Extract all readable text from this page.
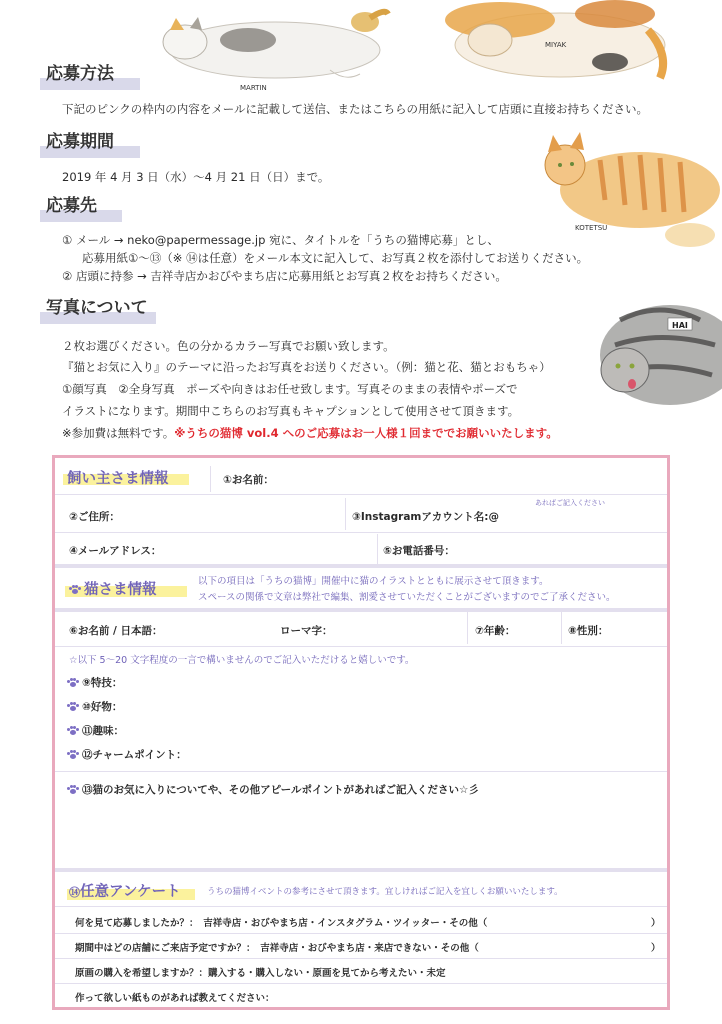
MARTIN
MIYAK
KOTETSU
HAI
応募方法
下記のピンクの枠内の内容をメールに記載して送信、またはこちらの用紙に記入して店頭に直接お持ちください。
応募期間
2019 年 4 月 3 日（水）〜4 月 21 日（日）まで。
応募先
① メール → neko@papermessage.jp 宛に、タイトルを「うちの猫博応募」とし、
応募用紙①〜⑬（※ ⑭は任意）をメール本文に記入して、お写真２枚を添付してお送りください。
② 店頭に持参 → 吉祥寺店かおびやまち店に応募用紙とお写真２枚をお持ちください。
写真について
２枚お選びください。色の分かるカラー写真でお願い致します。
『猫とお気に入り』のテーマに沿ったお写真をお送りください。（例：猫と花、猫とおもちゃ）
①顔写真　②全身写真　ポーズや向きはお任せ致します。写真そのままの表情やポーズで
イラストになります。期間中こちらのお写真もキャプションとして使用させて頂きます。
※参加費は無料です。※うちの猫博 vol.4 へのご応募はお一人様１回まででお願いいたします。
飼い主さま情報	①お名前：
②ご住所：	③Instagramアカウント名:@
あればご記入ください
④メールアドレス：	⑤お電話番号：
猫さま情報
以下の項目は「うちの猫博」開催中に猫のイラストとともに展示させて頂きます。
スペースの関係で文章は弊社で編集、割愛させていただくことがございますのでご了承ください。
⑥お名前 / 日本語：	ローマ字：	⑦年齢：	⑧性別：
☆以下 5〜20 文字程度の一言で構いませんのでご記入いただけると嬉しいです。
⑨特技：
⑩好物：
⑪趣味：
⑫チャームポイント：
⑬猫のお気に入りについてや、その他アピールポイントがあればご記入ください☆彡
⑭任意アンケート	うちの猫博イベントの参考にさせて頂きます。宜しければご記入を宜しくお願いいたします。
何を見て応募しましたか？：　吉祥寺店・おびやまち店・インスタグラム・ツイッター・その他（	）
期間中はどの店舗にご来店予定ですか？：　吉祥寺店・おびやまち店・来店できない・その他（	）
原画の購入を希望しますか？：購入する・購入しない・原画を見てから考えたい・未定
作って欲しい紙ものがあれば教えてください：
